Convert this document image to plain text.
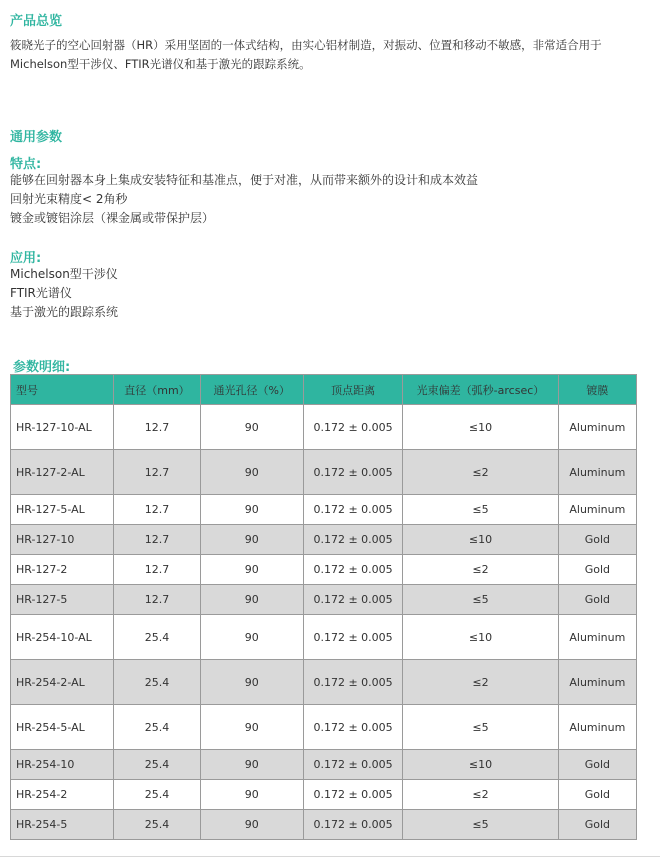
产品总览
筱晓光子的空心回射器（HR）采用坚固的一体式结构，由实心铝材制造，对振动、位置和移动不敏感，非常适合用于Michelson型干涉仪、FTIR光谱仪和基于激光的跟踪系统。
通用参数
特点:
能够在回射器本身上集成安装特征和基准点，便于对准，从而带来额外的设计和成本效益
回射光束精度< 2角秒
镀金或镀铝涂层（裸金属或带保护层）
应用:
Michelson型干涉仪
FTIR光谱仪
基于激光的跟踪系统
参数明细:
型号	直径（mm）	通光孔径（%）	顶点距离	光束偏差（弧秒-arcsec）	镀膜
HR-127-10-AL	12.7	90	0.172 ± 0.005	≤10	Aluminum
HR-127-2-AL	12.7	90	0.172 ± 0.005	≤2	Aluminum
HR-127-5-AL	12.7	90	0.172 ± 0.005	≤5	Aluminum
HR-127-10	12.7	90	0.172 ± 0.005	≤10	Gold
HR-127-2	12.7	90	0.172 ± 0.005	≤2	Gold
HR-127-5	12.7	90	0.172 ± 0.005	≤5	Gold
HR-254-10-AL	25.4	90	0.172 ± 0.005	≤10	Aluminum
HR-254-2-AL	25.4	90	0.172 ± 0.005	≤2	Aluminum
HR-254-5-AL	25.4	90	0.172 ± 0.005	≤5	Aluminum
HR-254-10	25.4	90	0.172 ± 0.005	≤10	Gold
HR-254-2	25.4	90	0.172 ± 0.005	≤2	Gold
HR-254-5	25.4	90	0.172 ± 0.005	≤5	Gold
